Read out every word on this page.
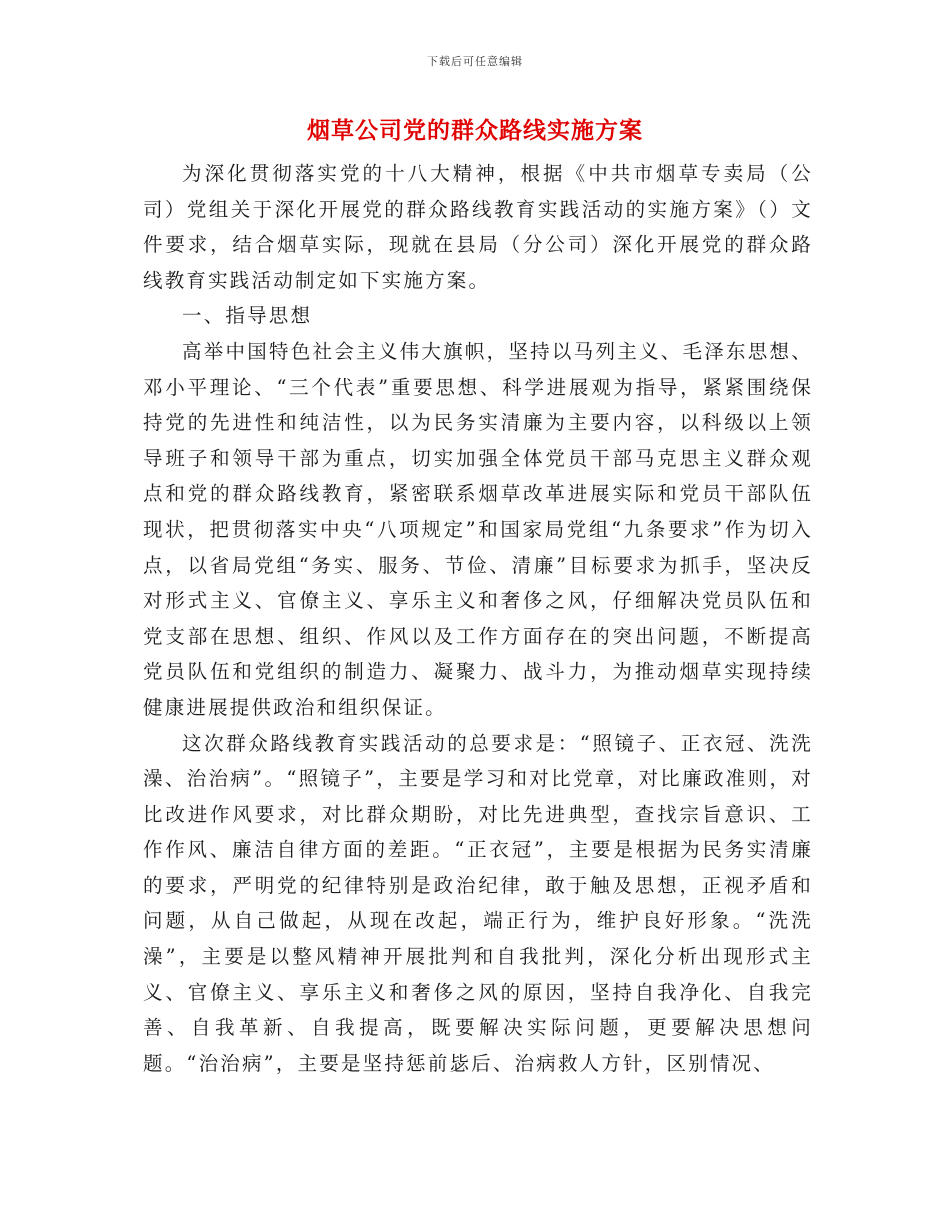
下载后可任意编辑
烟草公司党的群众路线实施方案

为深化贯彻落实党的十八大精神，根据《中共市烟草专卖局（公司）党组关于深化开展党的群众路线教育实践活动的实施方案》（）文件要求，结合烟草实际，现就在县局（分公司）深化开展党的群众路线教育实践活动制定如下实施方案。

一、指导思想

高举中国特色社会主义伟大旗帜，坚持以马列主义、毛泽东思想、邓小平理论、“三个代表”重要思想、科学进展观为指导，紧紧围绕保持党的先进性和纯洁性，以为民务实清廉为主要内容，以科级以上领导班子和领导干部为重点，切实加强全体党员干部马克思主义群众观点和党的群众路线教育，紧密联系烟草改革进展实际和党员干部队伍现状，把贯彻落实中央“八项规定”和国家局党组“九条要求”作为切入点，以省局党组“务实、服务、节俭、清廉”目标要求为抓手，坚决反对形式主义、官僚主义、享乐主义和奢侈之风，仔细解决党员队伍和党支部在思想、组织、作风以及工作方面存在的突出问题，不断提高党员队伍和党组织的制造力、凝聚力、战斗力，为推动烟草实现持续健康进展提供政治和组织保证。

这次群众路线教育实践活动的总要求是：“照镜子、正衣冠、洗洗澡、治治病”。“照镜子”，主要是学习和对比党章，对比廉政准则，对比改进作风要求，对比群众期盼，对比先进典型，查找宗旨意识、工作作风、廉洁自律方面的差距。“正衣冠”，主要是根据为民务实清廉的要求，严明党的纪律特别是政治纪律，敢于触及思想，正视矛盾和问题，从自己做起，从现在改起，端正行为，维护良好形象。“洗洗澡”，主要是以整风精神开展批判和自我批判，深化分析出现形式主义、官僚主义、享乐主义和奢侈之风的原因，坚持自我净化、自我完善、自我革新、自我提高，既要解决实际问题，更要解决思想问题。“治治病”，主要是坚持惩前毖后、治病救人方针，区别情况、
